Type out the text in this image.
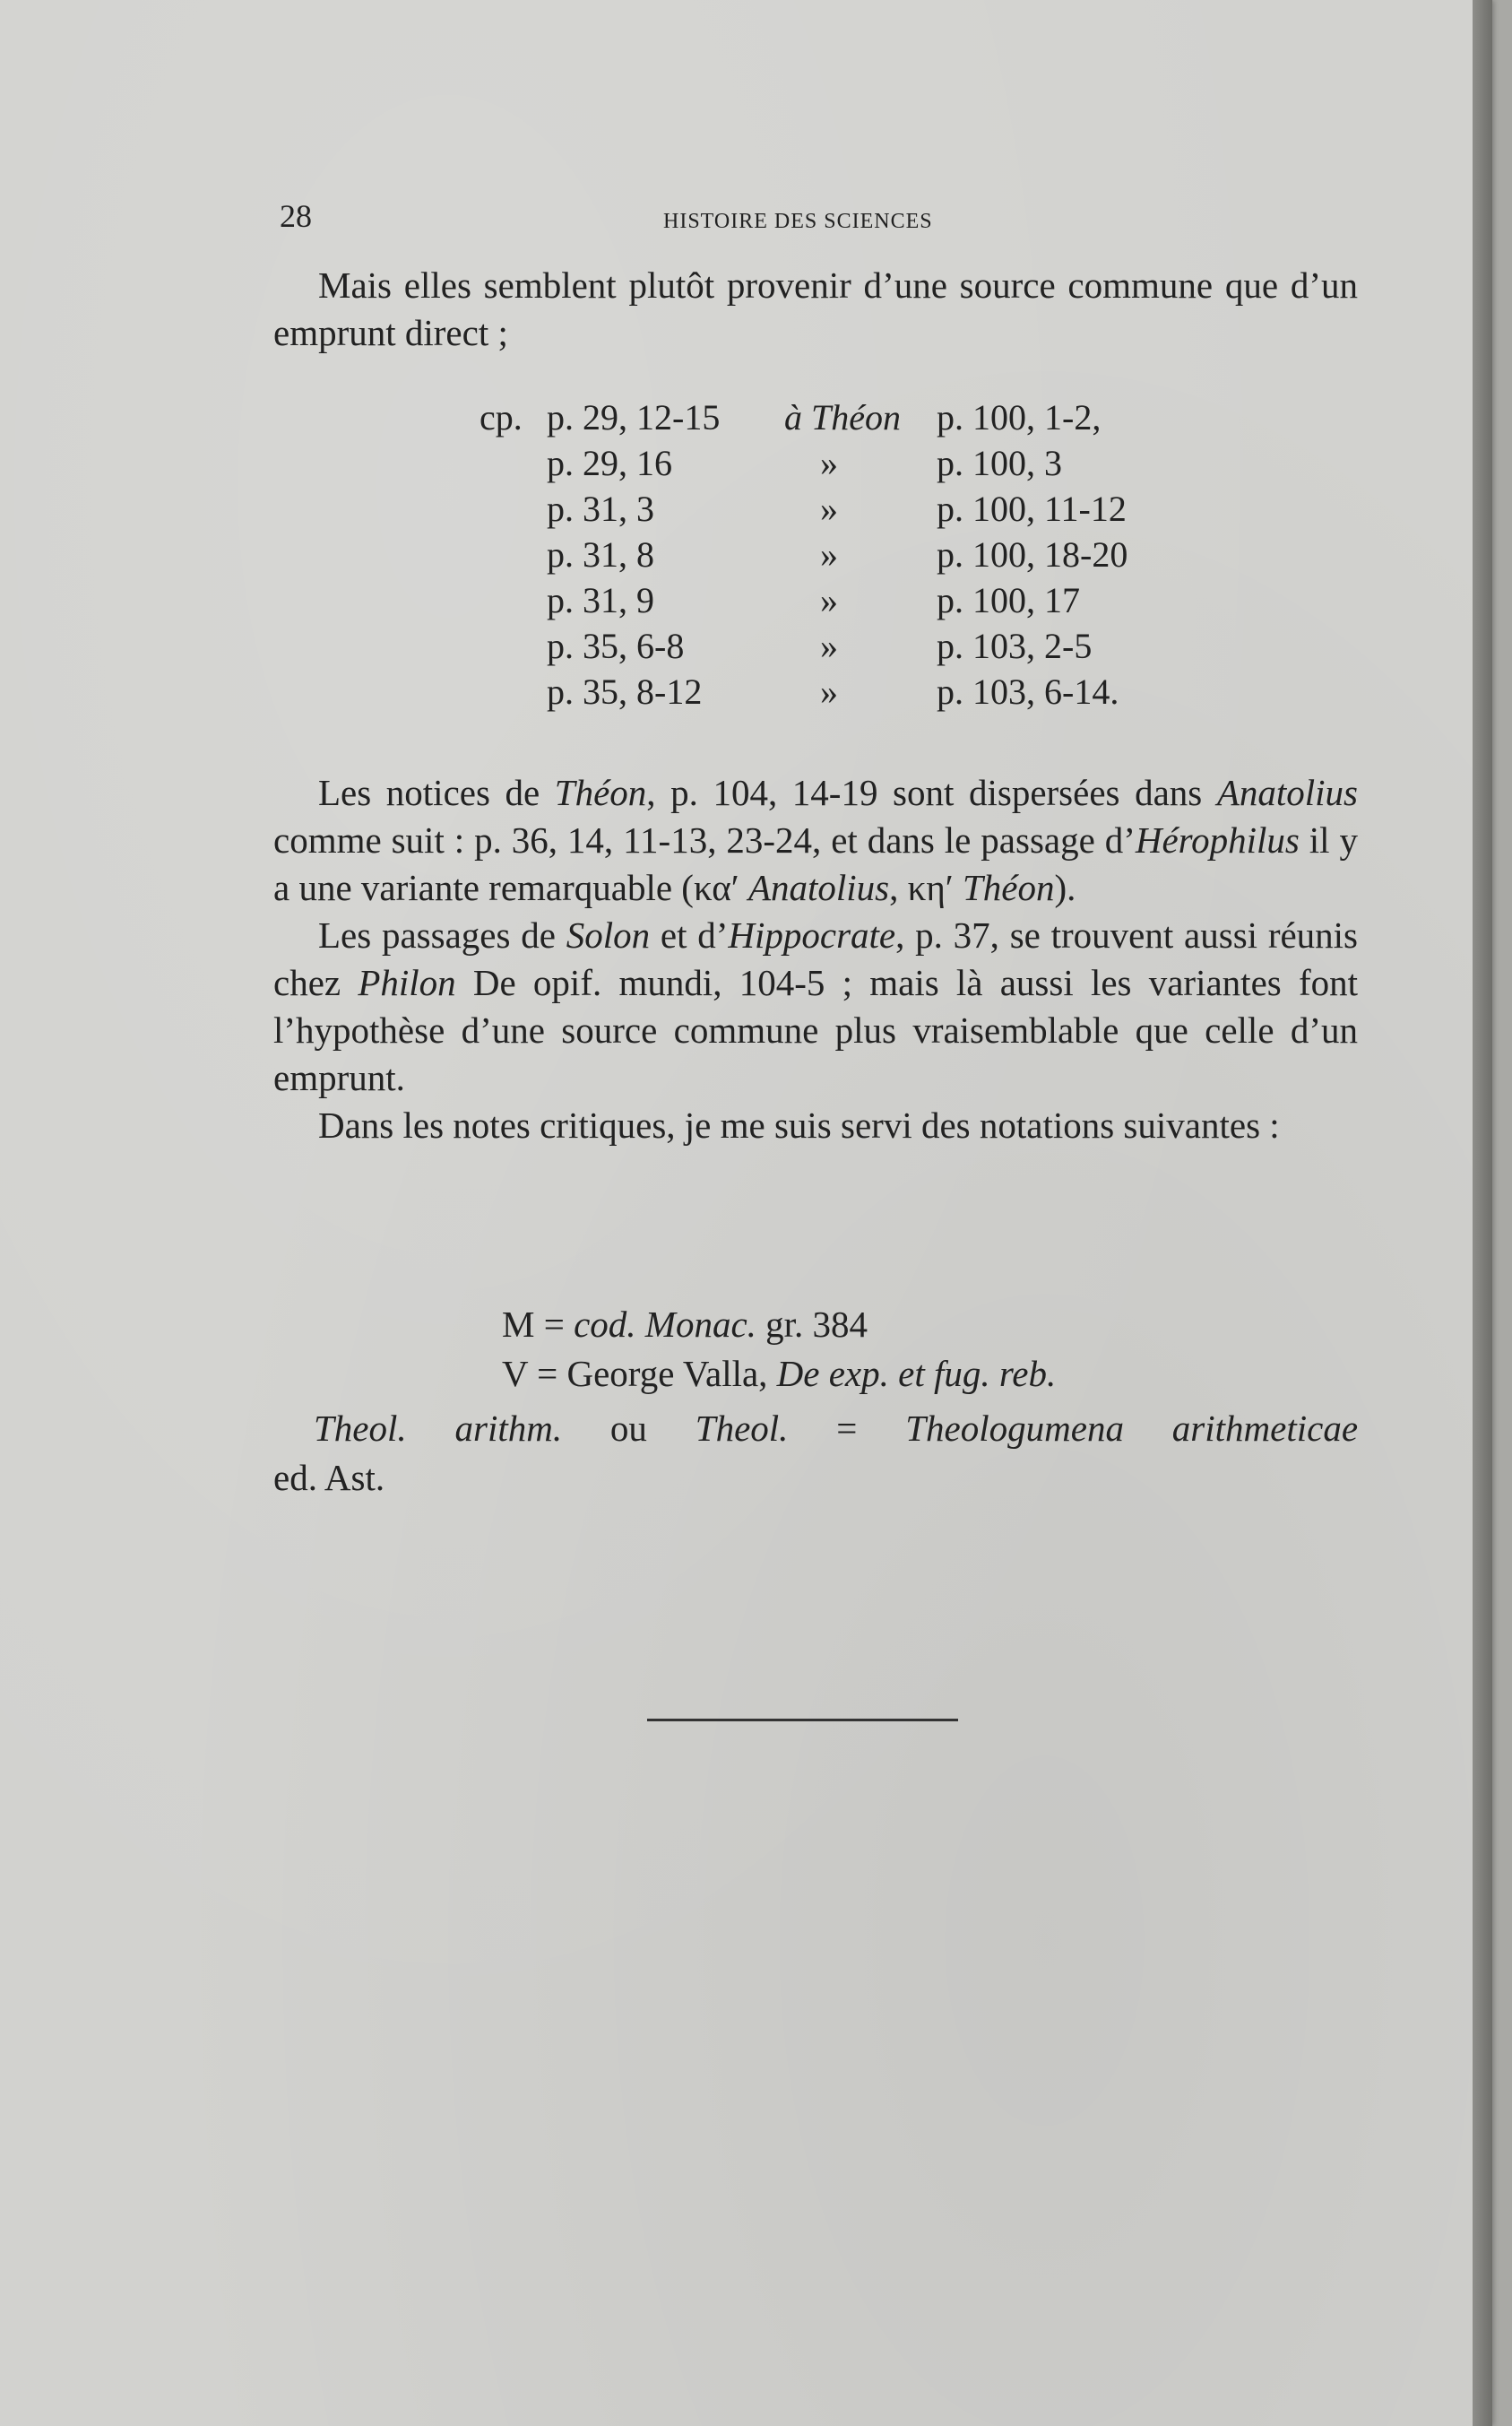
28	HISTOIRE DES SCIENCES

Mais elles semblent plutôt provenir d’une source commune que d’un emprunt direct ;

cp. p. 29, 12-15 à Théon p. 100, 1-2,
p. 29, 16	»	p. 100, 3
p. 31, 3	»	p. 100, 11-12
p. 31, 8	»	p. 100, 18-20
p. 31, 9	»	p. 100, 17
p. 35, 6-8	»	p. 103, 2-5
p. 35, 8-12	»	p. 103, 6-14.

Les notices de Théon, p. 104, 14-19 sont dispersées dans Anatolius comme suit : p. 36, 14, 11-13, 23-24, et dans le passage d’Hérophilus il y a une variante remarquable (κα′ Anatolius, κη′ Théon).

Les passages de Solon et d’Hippocrate, p. 37, se trouvent aussi réunis chez Philon De opif. mundi, 104-5 ; mais là aussi les variantes font l’hypothèse d’une source commune plus vraisemblable que celle d’un emprunt.

Dans les notes critiques, je me suis servi des notations suivantes :

M = cod. Monac. gr. 384
V = George Valla, De exp. et fug. reb.
Theol. arithm. ou Theol. = Theologumena arithmeticae
ed. Ast.
